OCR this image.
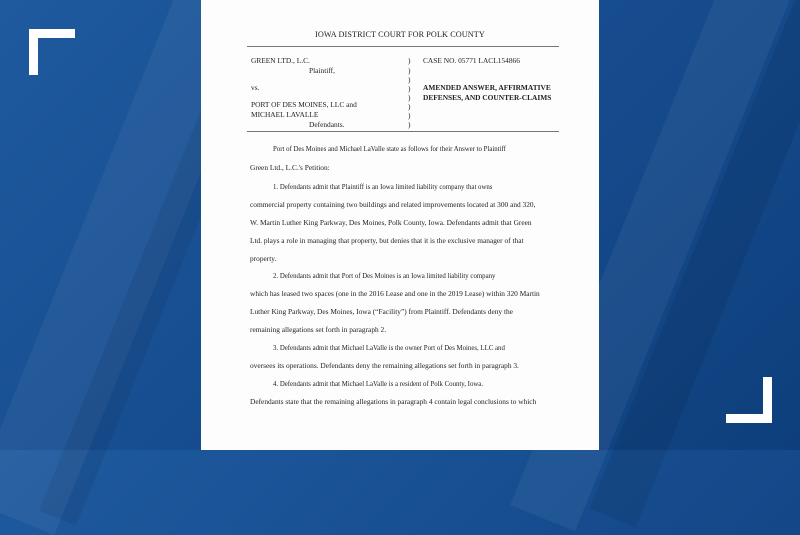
IOWA DISTRICT COURT FOR POLK COUNTY
GREEN LTD., L.C.
Plaintiff,
vs.
PORT OF DES MOINES, LLC and
MICHAEL LAVALLE
Defendants.
)
)
)
)
)
)
)
)
CASE NO. 05771 LACL154866
AMENDED ANSWER, AFFIRMATIVE
DEFENSES, AND COUNTER-CLAIMS
Port of Des Moines and Michael LaValle state as follows for their Answer to Plaintiff
Green Ltd., L.C.'s Petition:
1. Defendants admit that Plaintiff is an Iowa limited liability company that owns
commercial property containing two buildings and related improvements located at 300 and 320,
W. Martin Luther King Parkway, Des Moines, Polk County, Iowa. Defendants admit that Green
Ltd. plays a role in managing that property, but denies that it is the exclusive manager of that
property.
2. Defendants admit that Port of Des Moines is an Iowa limited liability company
which has leased two spaces (one in the 2016 Lease and one in the 2019 Lease) within 320 Martin
Luther King Parkway, Des Moines, Iowa (“Facility”) from Plaintiff. Defendants deny the
remaining allegations set forth in paragraph 2.
3. Defendants admit that Michael LaValle is the owner Port of Des Moines, LLC and
oversees its operations. Defendants deny the remaining allegations set forth in paragraph 3.
4. Defendants admit that Michael LaValle is a resident of Polk County, Iowa.
Defendants state that the remaining allegations in paragraph 4 contain legal conclusions to which
